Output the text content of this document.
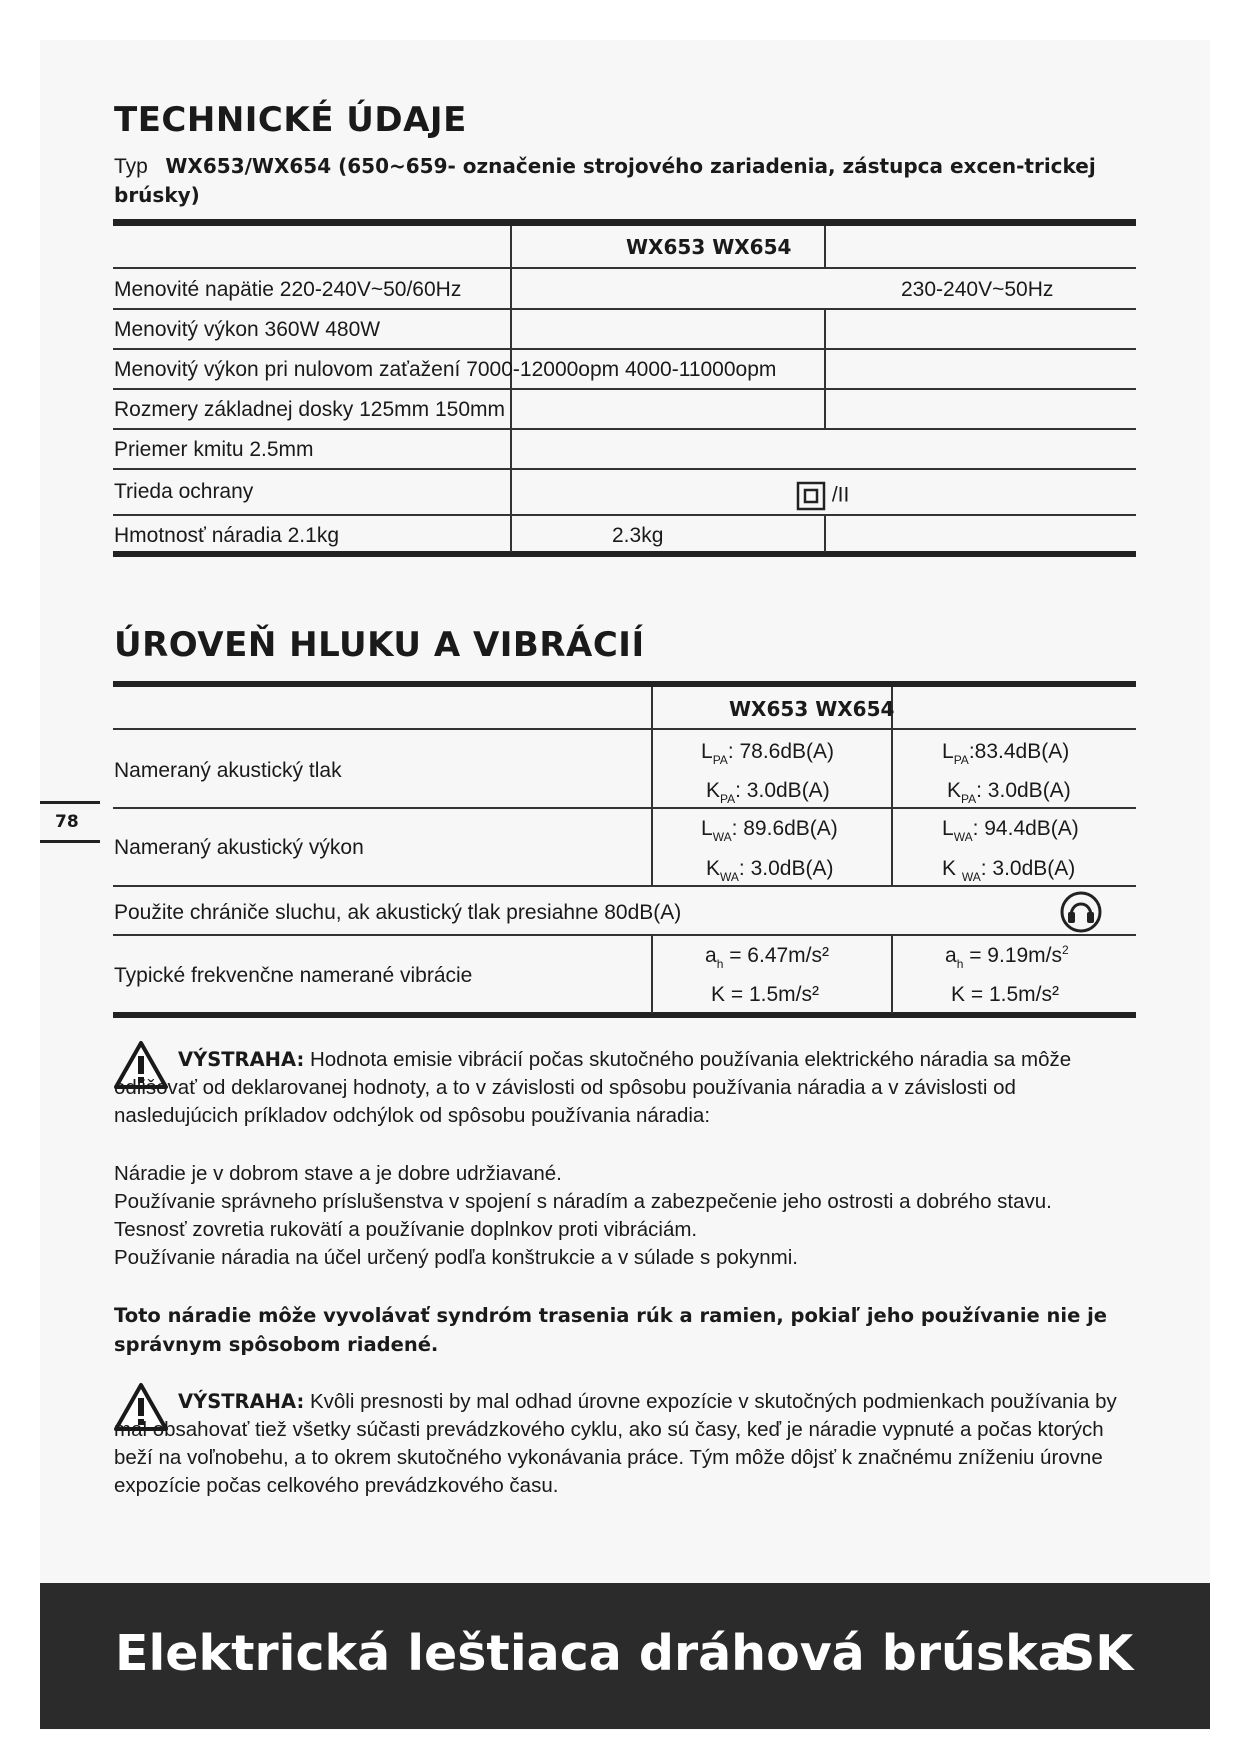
TECHNICKÉ ÚDAJE
Typ WX653/WX654 (650~659- označenie strojového zariadenia, zástupca excen-trickej brúsky)
WX653 WX654
Menovité napätie 220-240V~50/60Hz	230-240V~50Hz
Menovitý výkon 360W 480W
Menovitý výkon pri nulovom zaťažení 7000-12000opm 4000-11000opm
Rozmery základnej dosky 125mm 150mm
Priemer kmitu 2.5mm
Trieda ochrany	/II
Hmotnosť náradia 2.1kg	2.3kg
ÚROVEŇ HLUKU A VIBRÁCIÍ
WX653 WX654
Nameraný akustický tlak
$L_{PA}$: 78.6dB(A)	$L_{PA}:83.4dB(A)$
$K_{PA}$: 3.0dB(A)	$K_{PA}$: 3.0dB(A)
Nameraný akustický výkon
$L_{WA}$: 89.6dB(A)	$L_{WA}$: 94.4dB(A)
$K_{WA}$: 3.0dB(A)	K $_{WA}$: 3.0dB(A)
Použite chrániče sluchu, ak akustický tlak presiahne 80dB(A)
Typické frekvenčne namerané vibrácie
$a_h = 6.47m/s^2$	$a_h = 9.19m/s^2$
K = 1.5m/s²	K = 1.5m/s²
78
VÝSTRAHA: Hodnota emisie vibrácií počas skutočného používania elektrického náradia sa môže odlišovať od deklarovanej hodnoty, a to v závislosti od spôsobu používania náradia a v závislosti od nasledujúcich príkladov odchýlok od spôsobu používania náradia:

Náradie je v dobrom stave a je dobre udržiavané.

Používanie správneho príslušenstva v spojení s náradím a zabezpečenie jeho ostrosti a dobrého stavu.

Tesnosť zovretia rukovätí a používanie doplnkov proti vibráciám.

Používanie náradia na účel určený podľa konštrukcie a v súlade s pokynmi.

Toto náradie môže vyvolávať syndróm trasenia rúk a ramien, pokiaľ jeho používanie nie je správnym spôsobom riadené.
VÝSTRAHA: Kvôli presnosti by mal odhad úrovne expozície v skutočných podmienkach používania by mal obsahovať tiež všetky súčasti prevádzkového cyklu, ako sú časy, keď je náradie vypnuté a počas ktorých beží na voľnobehu, a to okrem skutočného vykonávania práce. Tým môže dôjsť k značnému zníženiu úrovne expozície počas celkového prevádzkového času.
Elektrická leštiaca dráhová brúska
SK
